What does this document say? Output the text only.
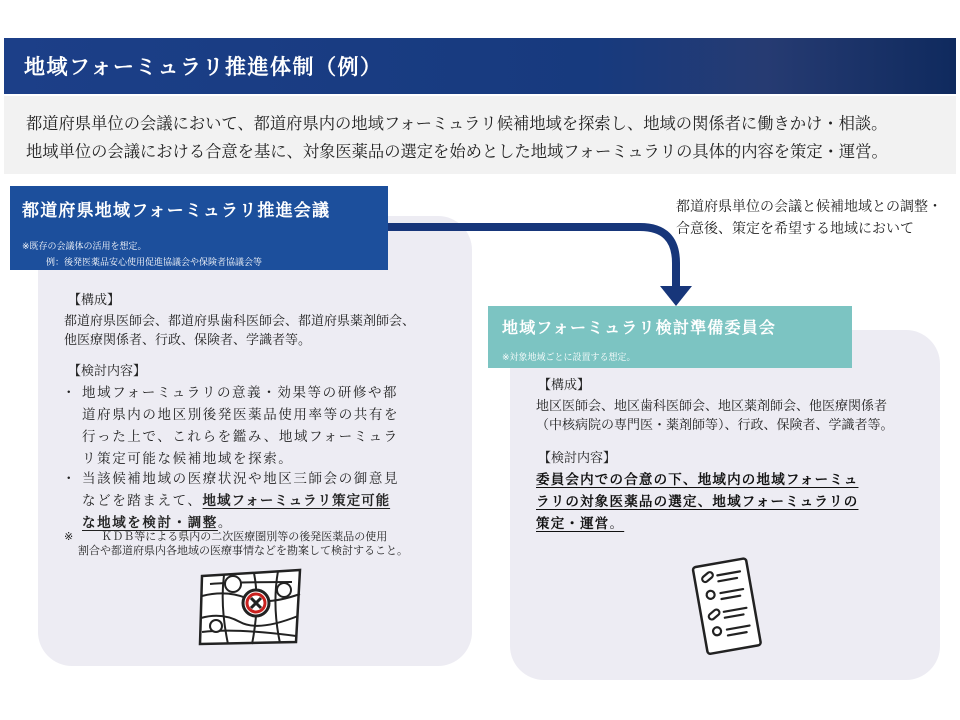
地域フォーミュラリ推進体制（例）

都道府県単位の会議において、都道府県内の地域フォーミュラリ候補地域を探索し、地域の関係者に働きかけ・相談。

地域単位の会議における合意を基に、対象医薬品の選定を始めとした地域フォーミュラリの具体的内容を策定・運営。

都道府県地域フォーミュラリ推進会議
※既存の会議体の活用を想定。
例：後発医薬品安心使用促進協議会や保険者協議会等
都道府県単位の会議と候補地域との調整・
合意後、策定を希望する地域において
地域フォーミュラリ検討準備委員会
※対象地域ごとに設置する想定。
【構成】
都道府県医師会、都道府県歯科医師会、都道府県薬剤師会、
他医療関係者、行政、保険者、学識者等。
【検討内容】
・ 地域フォーミュラリの意義・効果等の研修や都
道府県内の地区別後発医薬品使用率等の共有を
行った上で、これらを鑑み、地域フォーミュラ
リ策定可能な候補地域を探索。
・ 当該候補地域の医療状況や地区三師会の御意見
などを踏まえて、地域フォーミュラリ策定可能
な地域を検討・調整。
※	ＫＤＢ等による県内の二次医療圏別等の後発医薬品の使用
割合や都道府県内各地域の医療事情などを勘案して検討すること。
【構成】
地区医師会、地区歯科医師会、地区薬剤師会、他医療関係者
（中核病院の専門医・薬剤師等）、行政、保険者、学識者等。
【検討内容】
委員会内での合意の下、地域内の地域フォーミュ
ラリの対象医薬品の選定、地域フォーミュラリの
策定・運営。
